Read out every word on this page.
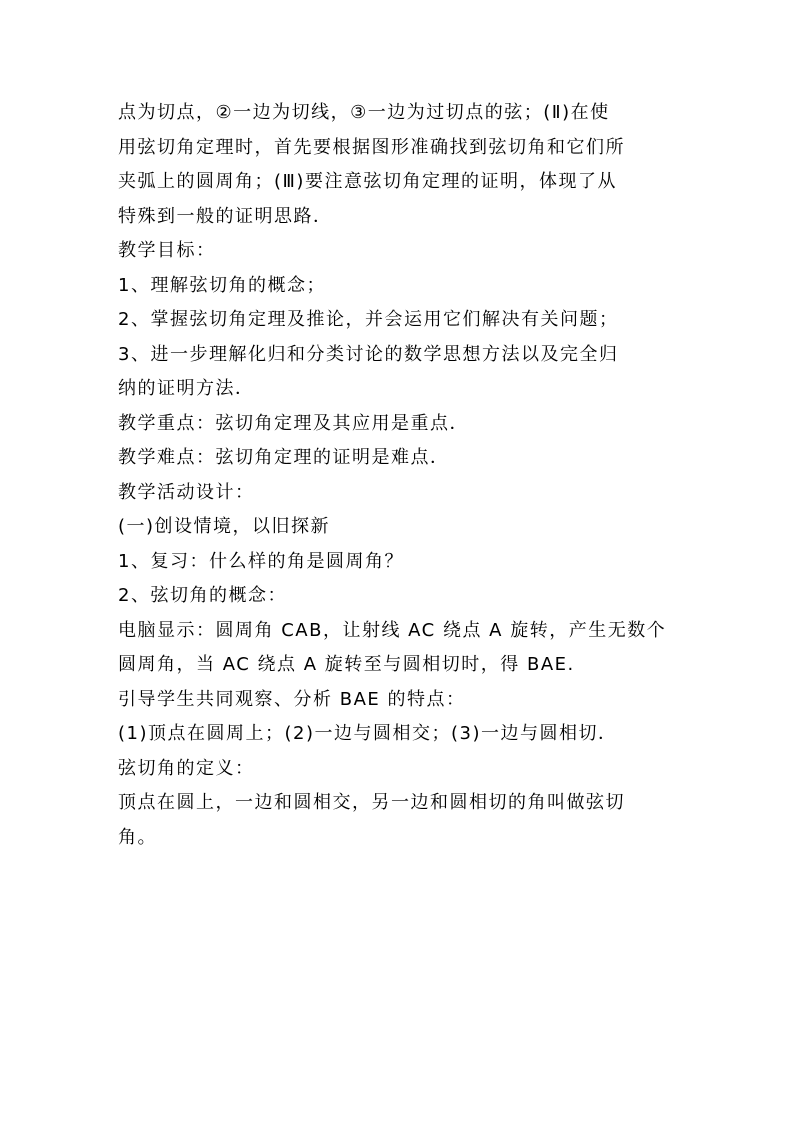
点为切点，②一边为切线，③一边为过切点的弦；(Ⅱ)在使
用弦切角定理时，首先要根据图形准确找到弦切角和它们所
夹弧上的圆周角；(Ⅲ)要注意弦切角定理的证明，体现了从
特殊到一般的证明思路．
教学目标：
1、理解弦切角的概念；
2、掌握弦切角定理及推论，并会运用它们解决有关问题；
3、进一步理解化归和分类讨论的数学思想方法以及完全归
纳的证明方法．
教学重点：弦切角定理及其应用是重点．
教学难点：弦切角定理的证明是难点．
教学活动设计：
(一)创设情境，以旧探新
1、复习：什么样的角是圆周角？
2、弦切角的概念：
电脑显示：圆周角 CAB，让射线 AC 绕点 A 旋转，产生无数个
圆周角，当 AC 绕点 A 旋转至与圆相切时，得 BAE.
引导学生共同观察、分析 BAE 的特点：
(1)顶点在圆周上；(2)一边与圆相交；(3)一边与圆相切．
弦切角的定义：
顶点在圆上，一边和圆相交，另一边和圆相切的角叫做弦切
角。
